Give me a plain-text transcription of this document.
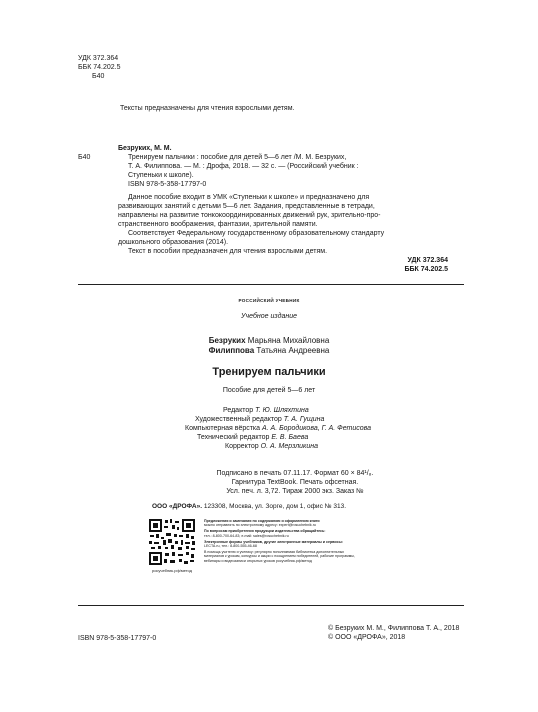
УДК 372.364
ББК 74.202.5
Б40
Тексты предназначены для чтения взрослыми детям.
Безруких, М. М.
Б40	Тренируем пальчики : пособие для детей 5—6 лет /М. М. Безруких,
Т. А. Филиппова. — М. : Дрофа, 2018. — 32 с. — (Российский учебник :
Ступеньки к школе).
ISBN 978-5-358-17797-0
Данное пособие входит в УМК «Ступеньки к школе» и предназначено для
развивающих занятий с детьми 5—6 лет. Задания, представленные в тетради,
направлены на развитие тонкокоординированных движений рук, зрительно-про-
странственного воображения, фантазии, зрительной памяти.
Соответствует Федеральному государственному образовательному стандарту
дошкольного образования (2014).
Текст в пособии предназначен для чтения взрослыми детям.
УДК 372.364
ББК 74.202.5
РОССИЙСКИЙ УЧЕБНИК
Учебное издание
Безруких Марьяна Михайловна
Филиппова Татьяна Андреевна
Тренируем пальчики
Пособие для детей 5—6 лет
Редактор Т. Ю. Шляхтина
Художественный редактор Т. А. Гущина
Компьютерная вёрстка А. А. Бородикова, Г. А. Фетисова
Технический редактор Е. В. Баева
Корректор О. А. Мерзликина
Подписано в печать 07.11.17. Формат 60 × 84¹/₈.
Гарнитура TextBook. Печать офсетная.
Усл. печ. л. 3,72. Тираж 2000 экз. Заказ №
ООО «ДРОФА». 123308, Москва, ул. Зорге, дом 1, офис № 313.
росучебник.рф/метод
Предложения и замечания по содержанию и оформлению книги
можно отправлять по электронному адресу: expert@rosuchebnik.ru
По вопросам приобретения продукции издательства обращайтесь:
тел.: 8-800-700-64-83; e-mail: sales@rosuchebnik.ru
Электронные формы учебников, другие электронные материалы и сервисы:
LECTA.ru, тел.: 8-800-555-46-68
В помощь учителю и ученику: регулярно пополняемая библиотека дополнительных
материалов к урокам, конкурсы и акции с поощрением победителей, рабочие программы,
вебинары и видеозаписи открытых уроков росучебник.рф/метод
ISBN 978-5-358-17797-0
© Безруких М. М., Филиппова Т. А., 2018
© ООО «ДРОФА», 2018
